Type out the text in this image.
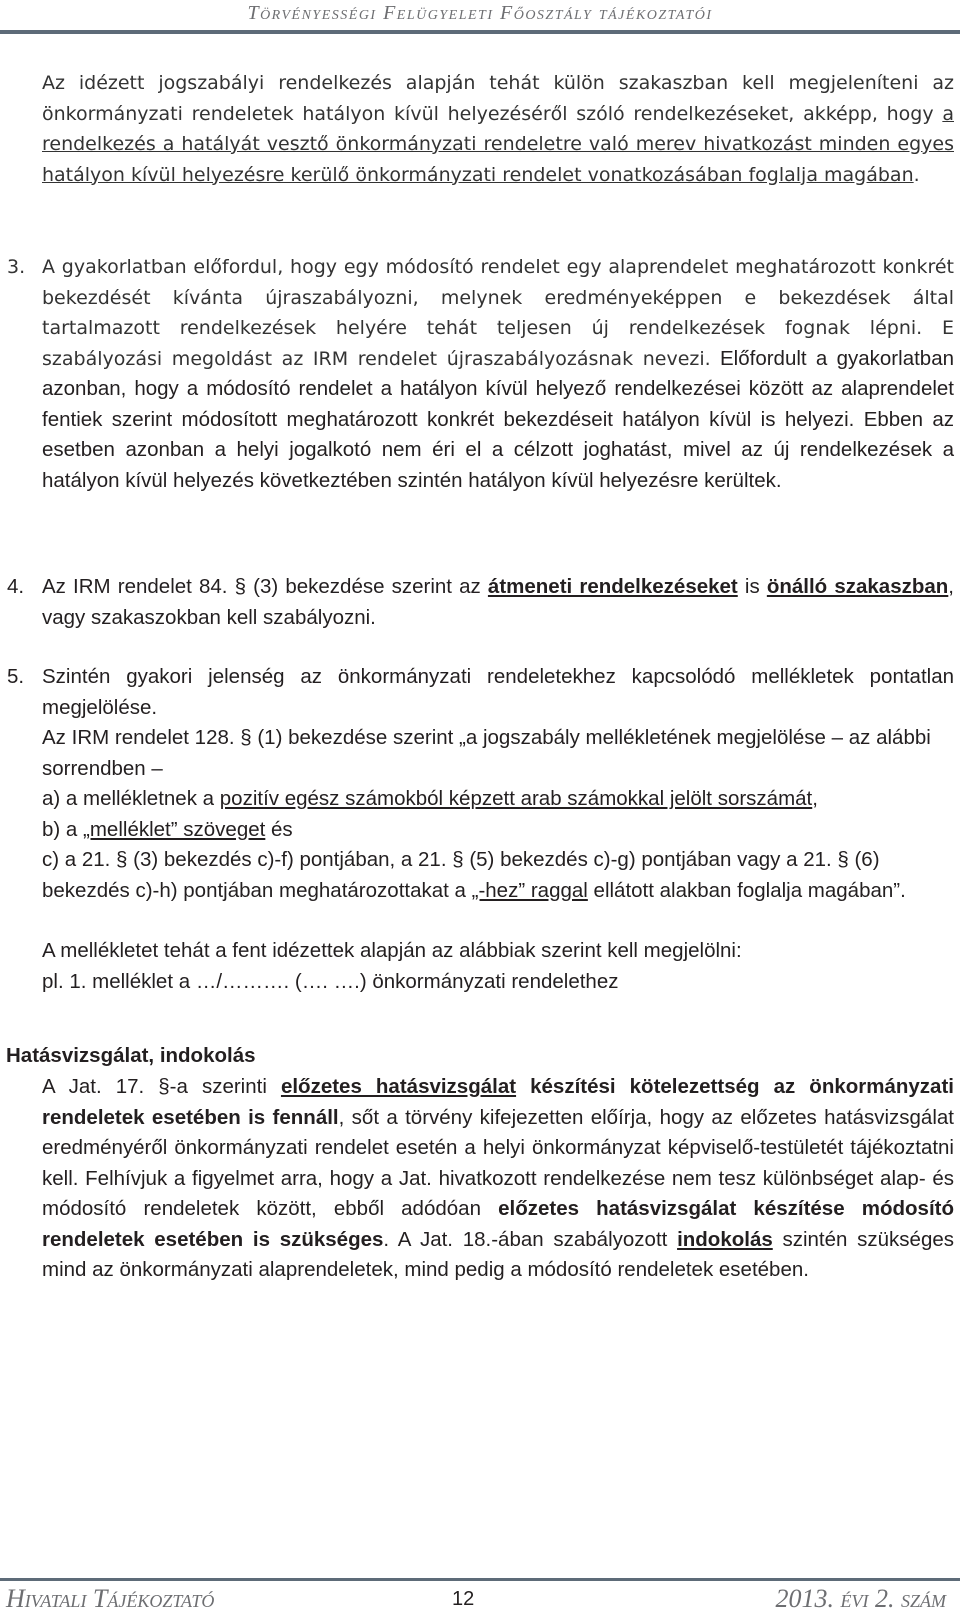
Törvényességi Felügyeleti Főosztály tájékoztatói
Az idézett jogszabályi rendelkezés alapján tehát külön szakaszban kell megjeleníteni az önkormányzati rendeletek hatályon kívül helyezéséről szóló rendelkezéseket, akképp, hogy a rendelkezés a hatályát vesztő önkormányzati rendeletre való merev hivatkozást minden egyes hatályon kívül helyezésre kerülő önkormányzati rendelet vonatkozásában foglalja magában.
3. A gyakorlatban előfordul, hogy egy módosító rendelet egy alaprendelet meghatározott konkrét bekezdését kívánta újraszabályozni, melynek eredményeképpen e bekezdések által tartalmazott rendelkezések helyére tehát teljesen új rendelkezések fognak lépni. E szabályozási megoldást az IRM rendelet újraszabályozásnak nevezi. Előfordult a gyakorlatban azonban, hogy a módosító rendelet a hatályon kívül helyező rendelkezései között az alaprendelet fentiek szerint módosított meghatározott konkrét bekezdéseit hatályon kívül is helyezi. Ebben az esetben azonban a helyi jogalkotó nem éri el a célzott joghatást, mivel az új rendelkezések a hatályon kívül helyezés következtében szintén hatályon kívül helyezésre kerültek.
4. Az IRM rendelet 84. § (3) bekezdése szerint az átmeneti rendelkezéseket is önálló szakaszban, vagy szakaszokban kell szabályozni.
5. Szintén gyakori jelenség az önkormányzati rendeletekhez kapcsolódó mellékletek pontatlan megjelölése.
Az IRM rendelet 128. § (1) bekezdése szerint „a jogszabály mellékletének megjelölése – az alábbi sorrendben –
a) a mellékletnek a pozitív egész számokból képzett arab számokkal jelölt sorszámát,
b) a „melléklet” szöveget és
c) a 21. § (3) bekezdés c)-f) pontjában, a 21. § (5) bekezdés c)-g) pontjában vagy a 21. § (6) bekezdés c)-h) pontjában meghatározottakat a „-hez” raggal ellátott alakban foglalja magában”.
A mellékletet tehát a fent idézettek alapján az alábbiak szerint kell megjelölni:
pl. 1. melléklet a …/………. (…. ….) önkormányzati rendelethez
Hatásvizsgálat, indokolás
A Jat. 17. §-a szerinti előzetes hatásvizsgálat készítési kötelezettség az önkormányzati rendeletek esetében is fennáll, sőt a törvény kifejezetten előírja, hogy az előzetes hatásvizsgálat eredményéről önkormányzati rendelet esetén a helyi önkormányzat képviselő-testületét tájékoztatni kell. Felhívjuk a figyelmet arra, hogy a Jat. hivatkozott rendelkezése nem tesz különbséget alap- és módosító rendeletek között, ebből adódóan előzetes hatásvizsgálat készítése módosító rendeletek esetében is szükséges. A Jat. 18.-ában szabályozott indokolás szintén szükséges mind az önkormányzati alaprendeletek, mind pedig a módosító rendeletek esetében.
Hivatali Tájékoztató	12	2013. évi 2. szám
